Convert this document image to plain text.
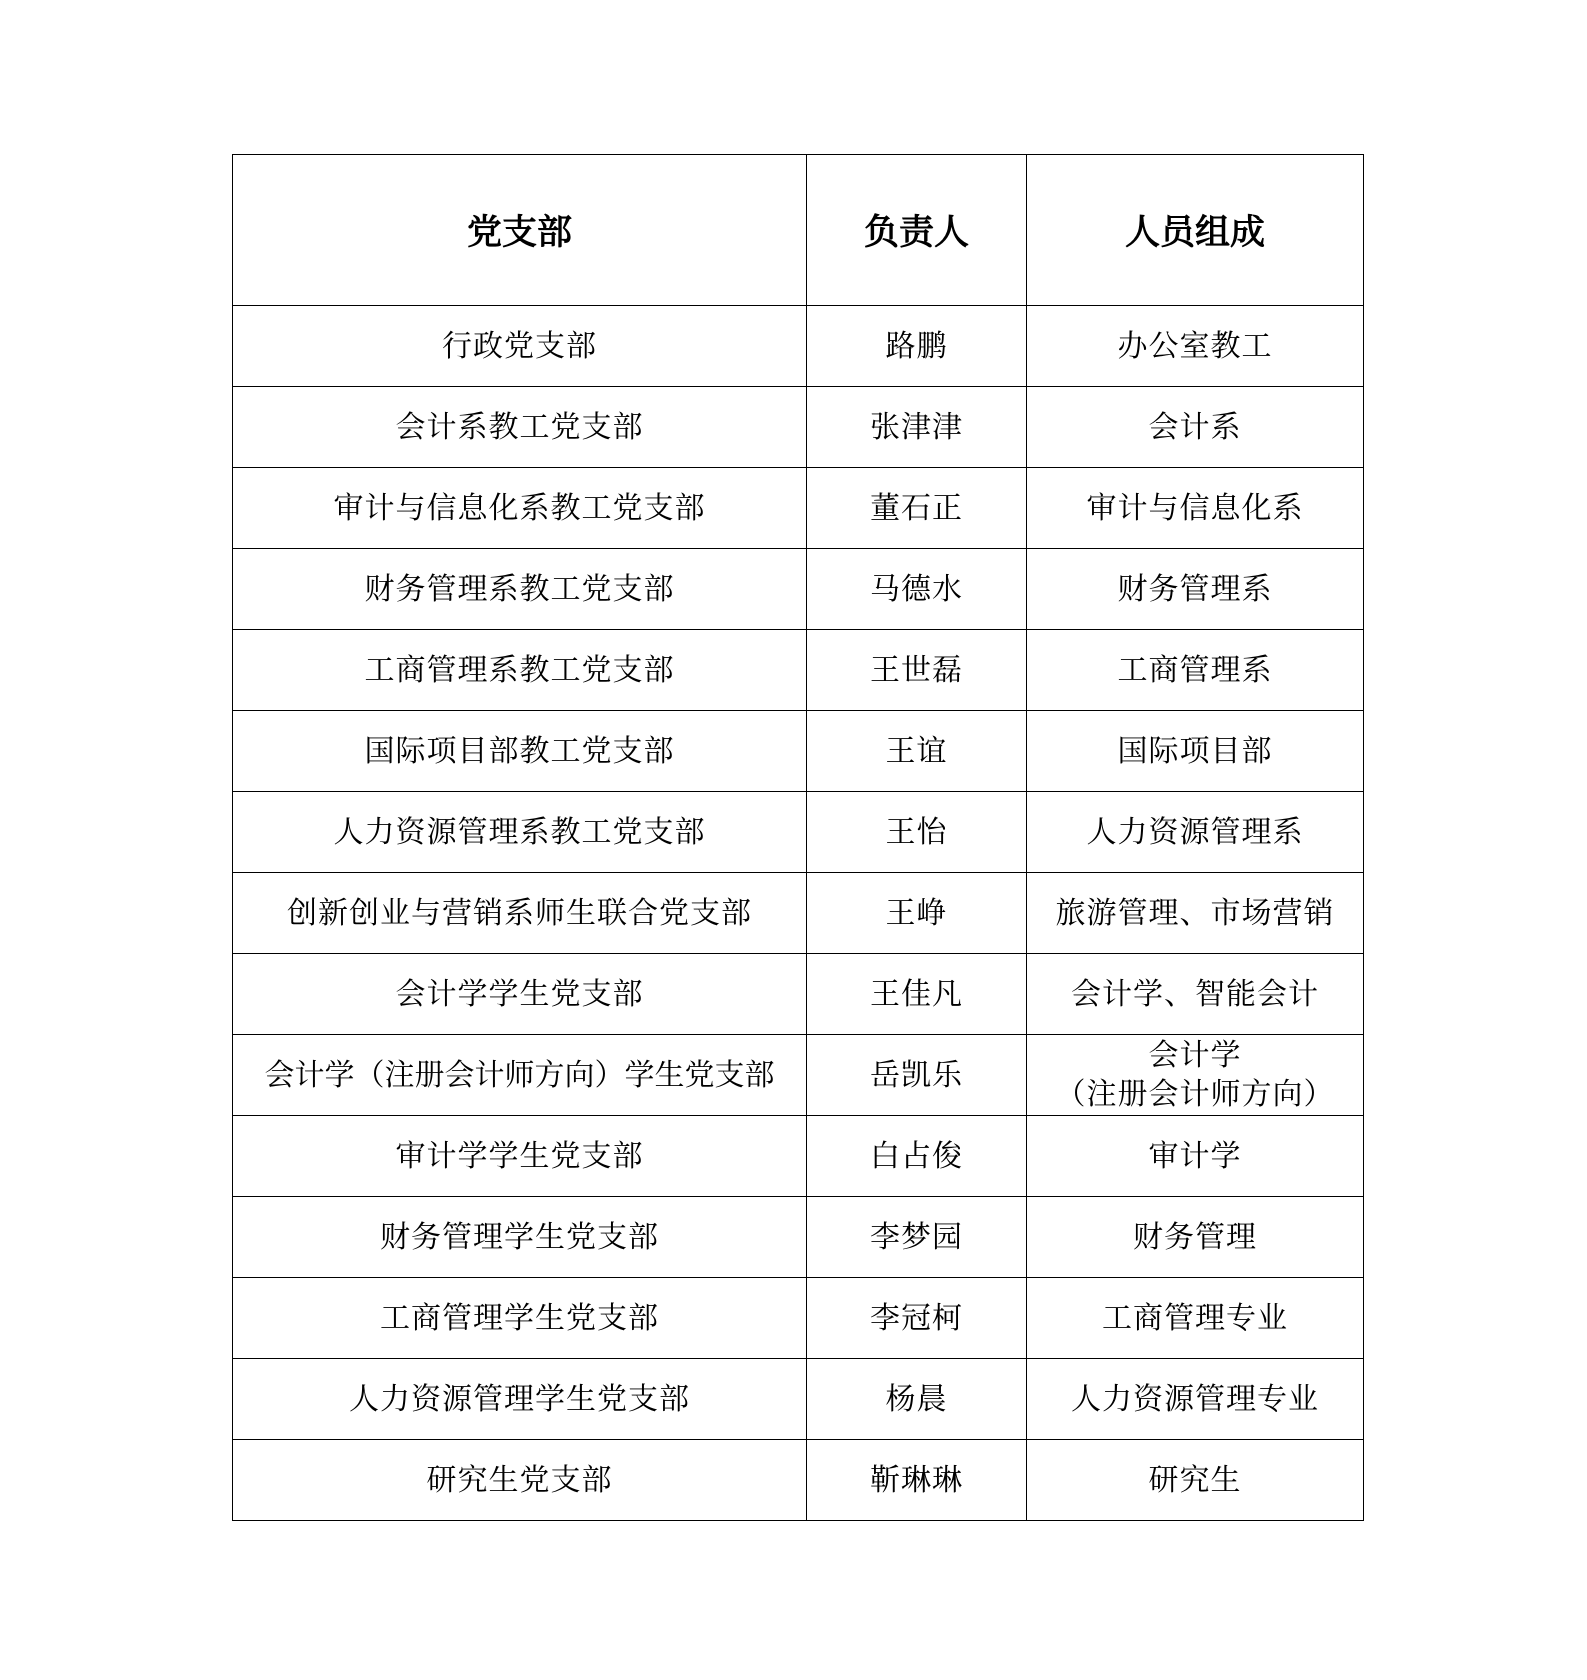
党支部	负责人	人员组成
行政党支部	路鹏	办公室教工

会计系教工党支部	张津津	会计系

审计与信息化系教工党支部	董石正	审计与信息化系

财务管理系教工党支部	马德水	财务管理系

工商管理系教工党支部	王世磊	工商管理系

国际项目部教工党支部	王谊	国际项目部

人力资源管理系教工党支部	王怡	人力资源管理系

创新创业与营销系师生联合党支部	王峥	旅游管理、市场营销

会计学学生党支部	王佳凡	会计学、智能会计

会计学（注册会计师方向）学生党支部	岳凯乐	会计学
（注册会计师方向）

审计学学生党支部	白占俊	审计学

财务管理学生党支部	李梦园	财务管理

工商管理学生党支部	李冠柯	工商管理专业

人力资源管理学生党支部	杨晨	人力资源管理专业

研究生党支部	靳琳琳	研究生
